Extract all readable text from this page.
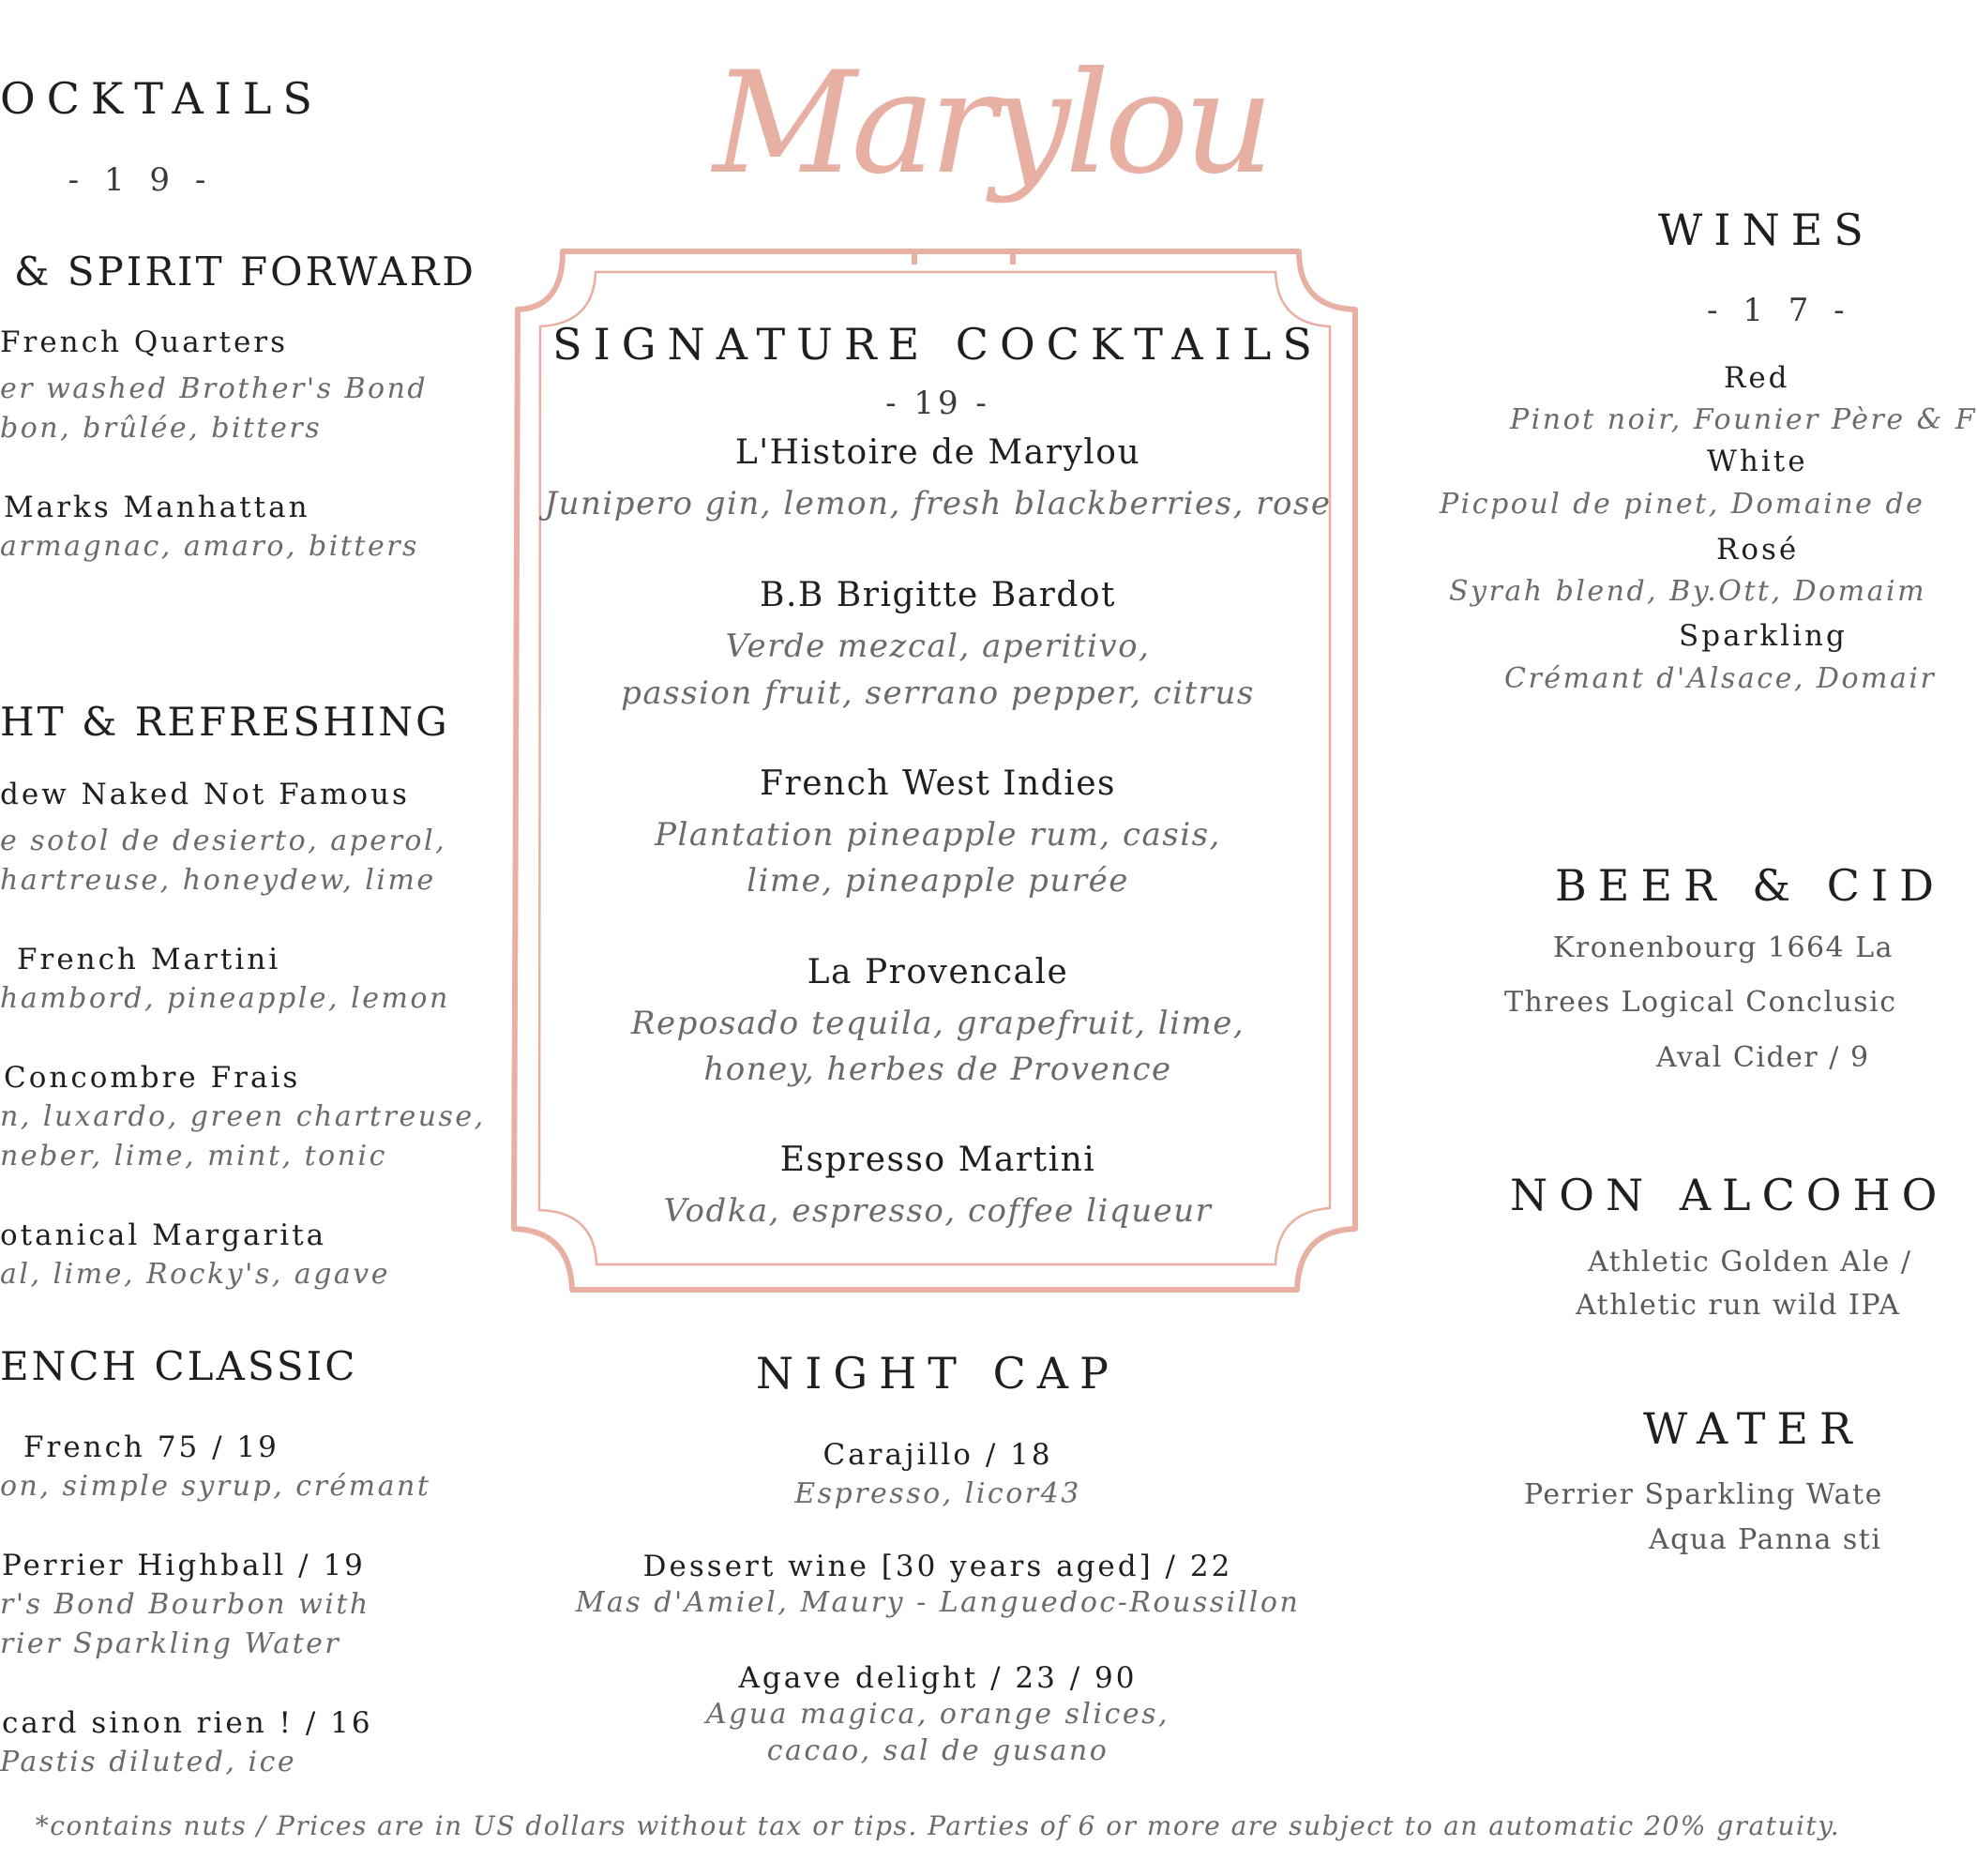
Marylou
OCKTAILS
- 1 9 -
& SPIRIT FORWARD
French Quarters
er washed Brother's Bond
bon, brûlée, bitters
Marks Manhattan
armagnac, amaro, bitters
HT & REFRESHING
dew Naked Not Famous
e sotol de desierto, aperol,
hartreuse, honeydew, lime
French Martini
hambord, pineapple, lemon
Concombre Frais
n, luxardo, green chartreuse,
neber, lime, mint, tonic
otanical Margarita
al, lime, Rocky's, agave
ENCH CLASSIC
French 75 / 19
on, simple syrup, crémant
Perrier Highball / 19
r's Bond Bourbon with
rier Sparkling Water
card sinon rien ! / 16
Pastis diluted, ice
SIGNATURE COCKTAILS
- 19 -
L'Histoire de Marylou
Junipero gin, lemon, fresh blackberries, rose
B.B Brigitte Bardot
Verde mezcal, aperitivo,
passion fruit, serrano pepper, citrus
French West Indies
Plantation pineapple rum, casis,
lime, pineapple purée
La Provencale
Reposado tequila, grapefruit, lime,
honey, herbes de Provence
Espresso Martini
Vodka, espresso, coffee liqueur
NIGHT CAP
Carajillo / 18
Espresso, licor43
Dessert wine [30 years aged] / 22
Mas d'Amiel, Maury - Languedoc-Roussillon
Agave delight / 23 / 90
Agua magica, orange slices,
cacao, sal de gusano
WINES
- 1 7 -
Red
Pinot noir, Founier Père & F
White
Picpoul de pinet, Domaine de
Rosé
Syrah blend, By.Ott, Domaim
Sparkling
Crémant d'Alsace, Domair
BEER & CID
Kronenbourg 1664 La
Threes Logical Conclusic
Aval Cider / 9
NON ALCOHO
Athletic Golden Ale /
Athletic run wild IPA
WATER
Perrier Sparkling Wate
Aqua Panna sti
*contains nuts / Prices are in US dollars without tax or tips. Parties of 6 or more are subject to an automatic 20% gratuity.
